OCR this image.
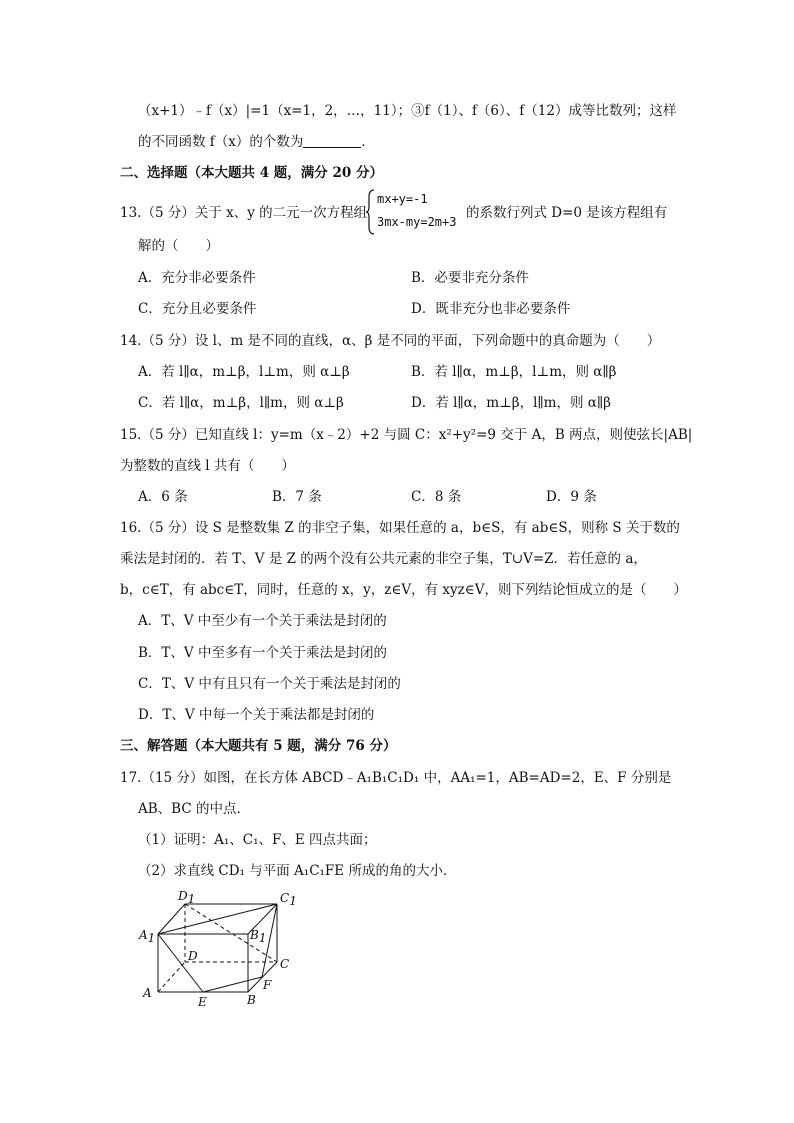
（x+1）﹣f（x）|=1（x=1，2，…，11）；③f（1）、f（6）、f（12）成等比数列；这样
的不同函数 f（x）的个数为	．
二、选择题（本大题共 4 题，满分 20 分）
13.（5 分）关于 x、y 的二元一次方程组
mx+y=-1
3mx-my=2m+3
的系数行列式 D=0 是该方程组有
解的（　　）
A．充分非必要条件	B．必要非充分条件
C．充分且必要条件	D．既非充分也非必要条件
14.（5 分）设 l、m 是不同的直线，α、β 是不同的平面，下列命题中的真命题为（　　）
A．若 l∥α，m⊥β，l⊥m，则 α⊥β	B．若 l∥α，m⊥β，l⊥m，则 α∥β
C．若 l∥α，m⊥β，l∥m，则 α⊥β	D．若 l∥α，m⊥β，l∥m，则 α∥β
15.（5 分）已知直线 l：y=m（x﹣2）+2 与圆 C：x²+y²=9 交于 A，B 两点，则使弦长|AB|
为整数的直线 l 共有（　　）
A．6 条	B．7 条	C．8 条	D．9 条
16.（5 分）设 S 是整数集 Z 的非空子集，如果任意的 a，b∈S，有 ab∈S，则称 S 关于数的
乘法是封闭的．若 T、V 是 Z 的两个没有公共元素的非空子集，T∪V=Z．若任意的 a，
b，c∈T，有 abc∈T，同时，任意的 x，y，z∈V，有 xyz∈V，则下列结论恒成立的是（　　）
A．T、V 中至少有一个关于乘法是封闭的
B．T、V 中至多有一个关于乘法是封闭的
C．T、V 中有且只有一个关于乘法是封闭的
D．T、V 中每一个关于乘法都是封闭的
三、解答题（本大题共有 5 题，满分 76 分）
17.（15 分）如图，在长方体 ABCD﹣A₁B₁C₁D₁ 中，AA₁=1，AB=AD=2，E、F 分别是
AB、BC 的中点．
（1）证明：A₁、C₁、F、E 四点共面；
（2）求直线 CD₁ 与平面 A₁C₁FE 所成的角的大小．
D1	C1
A1	B1
D
C
F
A
E	B
